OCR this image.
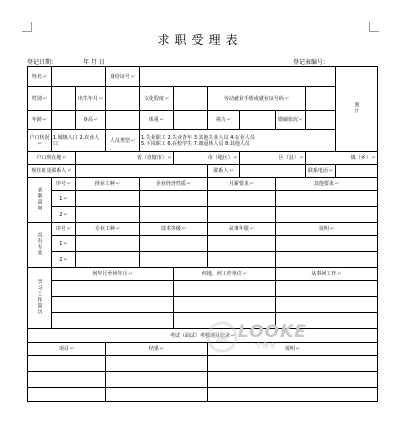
求职受理表
登记日期：	年 月 日	登记表编号：
姓名 ↵			身份证号 ↵							照片
性别 ↵		出生年月 ↵		文化程度 ↵		劳动就业手册或就业证号码 ↵	
年龄 ↵		身高 ↵		体重 ↵		视力 ↵		婚姻状况 ↵	
户口状况 ↵	1.城镇人口 2.农业人口		人员类型 ↵	1.失业职工 2.失业青年 3.其他失业人员 4.在业人员
5.下岗职工 6.在校学生 7.离退休人员 8.其他人员						

户口所在地 ↵		省（直辖市） ↵			市（地区） ↵		区（县） ↵		镇（乡） ↵
现住址及联系人 ↵						联系人 ↵			联系电话 ↵	
求职意向	序号 ↵	择业工种 ↵		企业经济性质 ↵		月薪要求 ↵		其他要求 ↵
	1 ↵				
	2 ↵				
具有专业	序号 ↵	专业工种 ↵		技术等级 ↵		从事年限 ↵		说明 ↵
	1 ↵				
	2 ↵				
学习工作简历	何年月至何年月 ↵				何地、何工作单位 ↵			从事何工作 ↵

考试（面试）考核项目记录 ↵
项目 ↵			结果 ↵			说明 ↵

LOOKE
中鲁客
